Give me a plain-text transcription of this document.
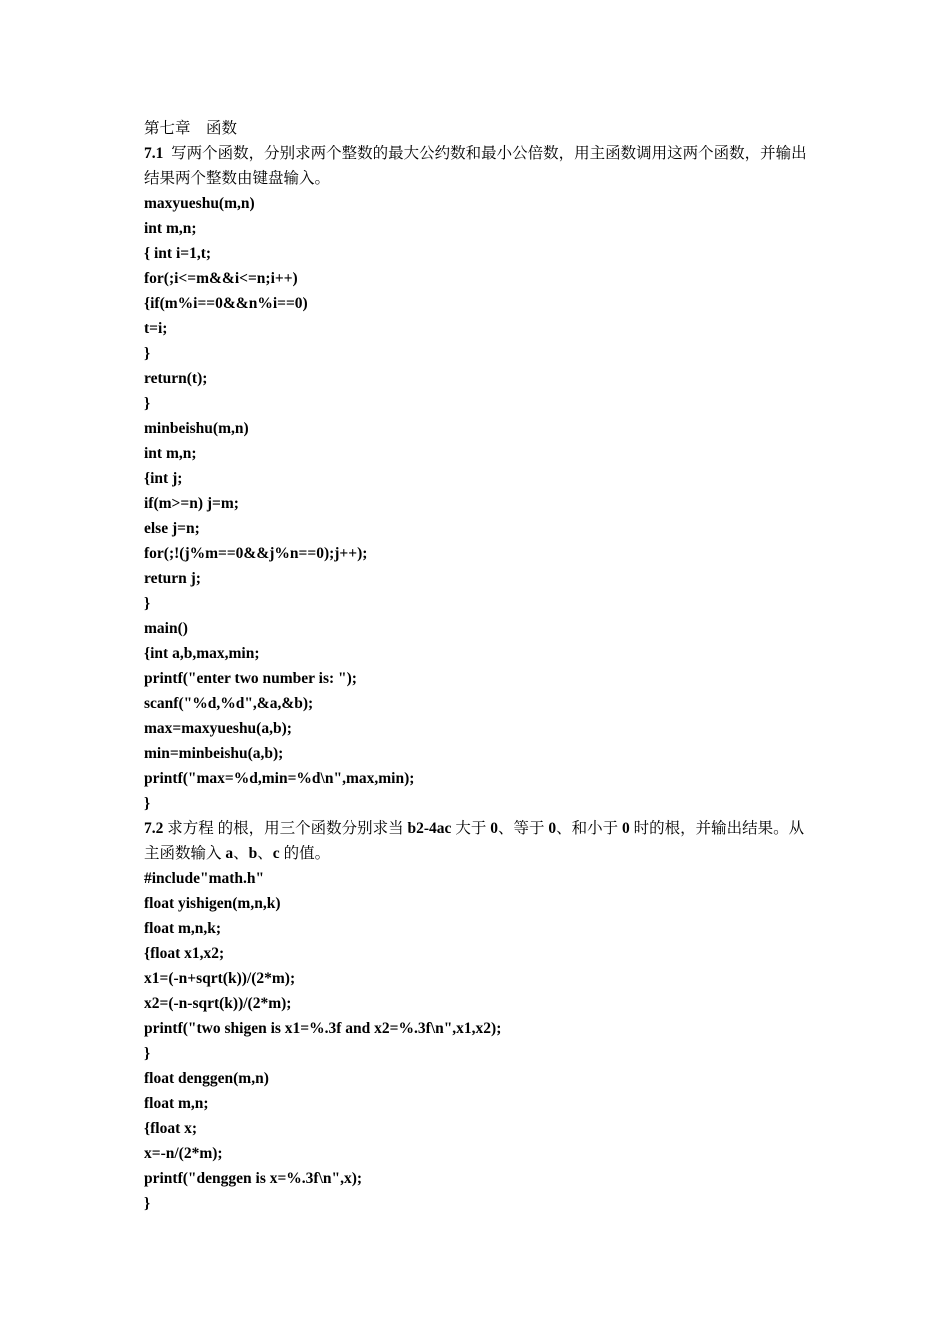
第七章    函数

7.1 写两个函数，分别求两个整数的最大公约数和最小公倍数，用主函数调用这两个函数，并输出结果两个整数由键盘输入。

maxyueshu(m,n)

int m,n;

{ int i=1,t;

for(;i<=m&&i<=n;i++)

{if(m%i==0&&n%i==0)

t=i;

}

return(t);

}

minbeishu(m,n)

int m,n;

{int j;

if(m>=n) j=m;

else j=n;

for(;!(j%m==0&&j%n==0);j++);

return j;

}

main()

{int a,b,max,min;

printf("enter two number is: ");

scanf("%d,%d",&a,&b);

max=maxyueshu(a,b);

min=minbeishu(a,b);

printf("max=%d,min=%d\n",max,min);

}

7.2 求方程 的根，用三个函数分别求当 b2-4ac 大于 0、等于 0、和小于 0 时的根，并输出结果。从主函数输入 a、b、c 的值。

#include"math.h"

float yishigen(m,n,k)

float m,n,k;

{float x1,x2;

x1=(-n+sqrt(k))/(2*m);

x2=(-n-sqrt(k))/(2*m);

printf("two shigen is x1=%.3f and x2=%.3f\n",x1,x2);

}

float denggen(m,n)

float m,n;

{float x;

x=-n/(2*m);

printf("denggen is x=%.3f\n",x);

}
